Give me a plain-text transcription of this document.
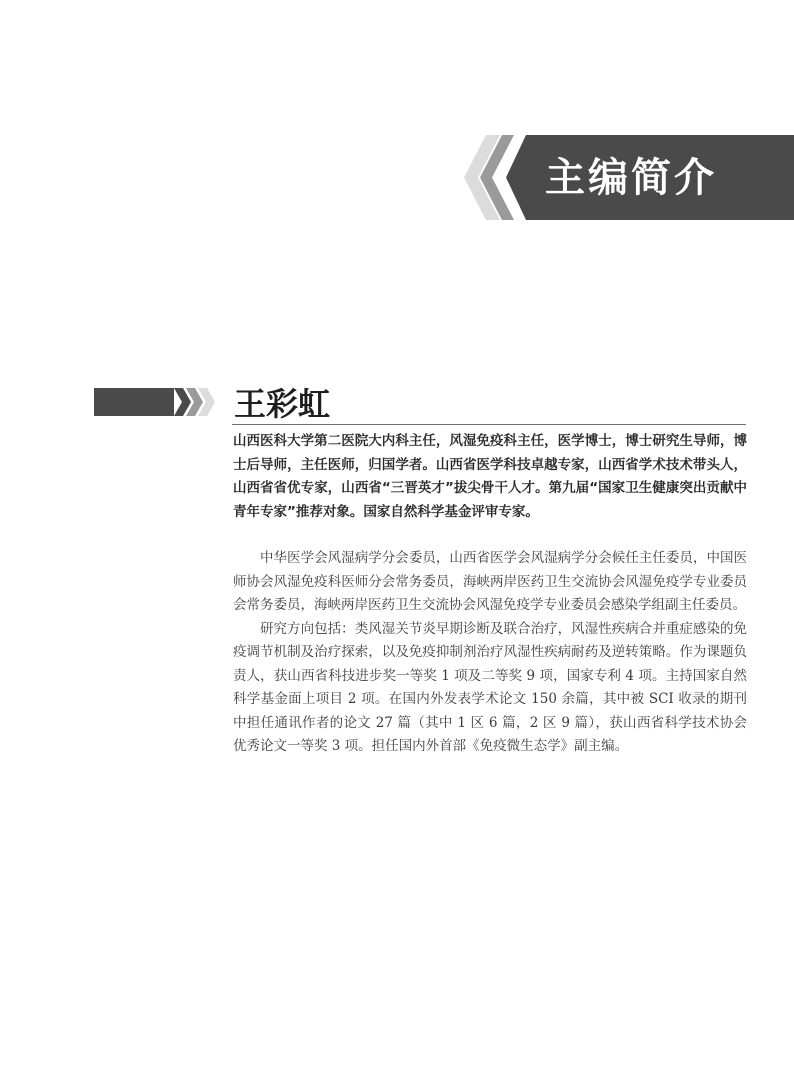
主编简介
王彩虹

山西医科大学第二医院大内科主任，风湿免疫科主任，医学博士，博士研究生导师，博士后导师，主任医师，归国学者。山西省医学科技卓越专家，山西省学术技术带头人，山西省省优专家，山西省“三晋英才”拔尖骨干人才。第九届“国家卫生健康突出贡献中青年专家”推荐对象。国家自然科学基金评审专家。

中华医学会风湿病学分会委员，山西省医学会风湿病学分会候任主任委员，中国医师协会风湿免疫科医师分会常务委员，海峡两岸医药卫生交流协会风湿免疫学专业委员会常务委员，海峡两岸医药卫生交流协会风湿免疫学专业委员会感染学组副主任委员。

研究方向包括：类风湿关节炎早期诊断及联合治疗，风湿性疾病合并重症感染的免疫调节机制及治疗探索，以及免疫抑制剂治疗风湿性疾病耐药及逆转策略。作为课题负责人，获山西省科技进步奖一等奖 1 项及二等奖 9 项，国家专利 4 项。主持国家自然科学基金面上项目 2 项。在国内外发表学术论文 150 余篇，其中被 SCI 收录的期刊中担任通讯作者的论文 27 篇（其中 1 区 6 篇，2 区 9 篇），获山西省科学技术协会优秀论文一等奖 3 项。担任国内外首部《免疫微生态学》副主编。
